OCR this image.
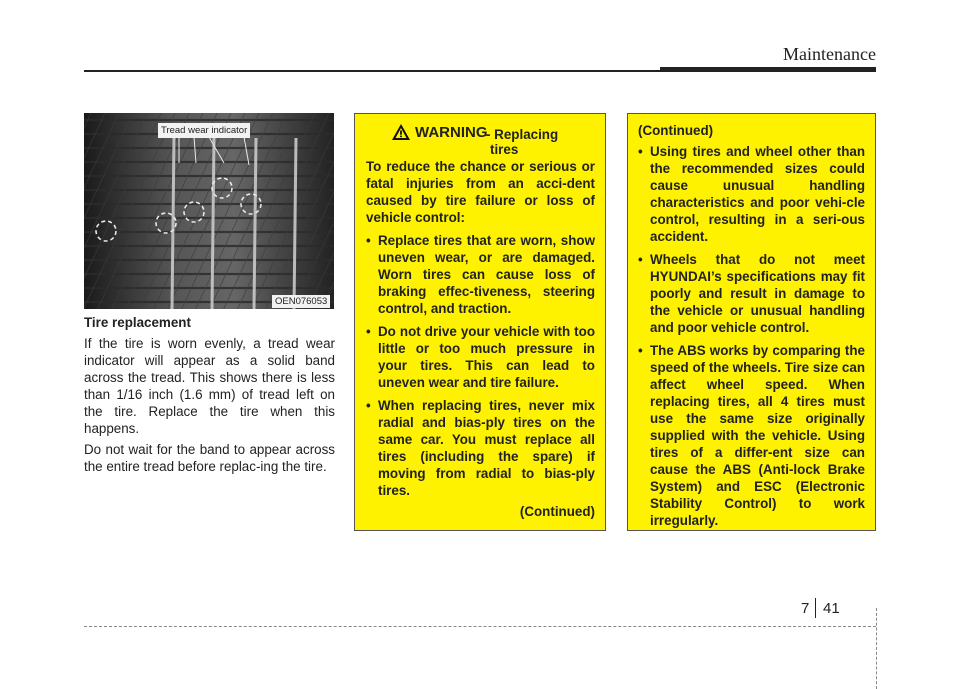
Maintenance
Tread wear indicator
OEN076053

Tire replacement

If the tire is worn evenly, a tread wear indicator will appear as a solid band across the tread. This shows there is less than 1/16 inch (1.6 mm) of tread left on the tire. Replace the tire when this happens.

Do not wait for the band to appear across the entire tread before replac-ing the tire.

WARNING
- Replacing
tires

To reduce the chance or serious or fatal injuries from an acci-dent caused by tire failure or loss of vehicle control:

• Replace tires that are worn, show uneven wear, or are damaged. Worn tires can cause loss of braking effec-tiveness, steering control, and traction.
• Do not drive your vehicle with too little or too much pressure in your tires. This can lead to uneven wear and tire failure.
• When replacing tires, never mix radial and bias-ply tires on the same car. You must replace all tires (including the spare) if moving from radial to bias-ply tires.
(Continued)

(Continued)

• Using tires and wheel other than the recommended sizes could cause unusual handling characteristics and poor vehi-cle control, resulting in a seri-ous accident.
• Wheels that do not meet HYUNDAI’s specifications may fit poorly and result in damage to the vehicle or unusual handling and poor vehicle control.
• The ABS works by comparing the speed of the wheels. Tire size can affect wheel speed. When replacing tires, all 4 tires must use the same size originally supplied with the vehicle. Using tires of a differ-ent size can cause the ABS (Anti-lock Brake System) and ESC (Electronic Stability Control) to work irregularly.
7 41
